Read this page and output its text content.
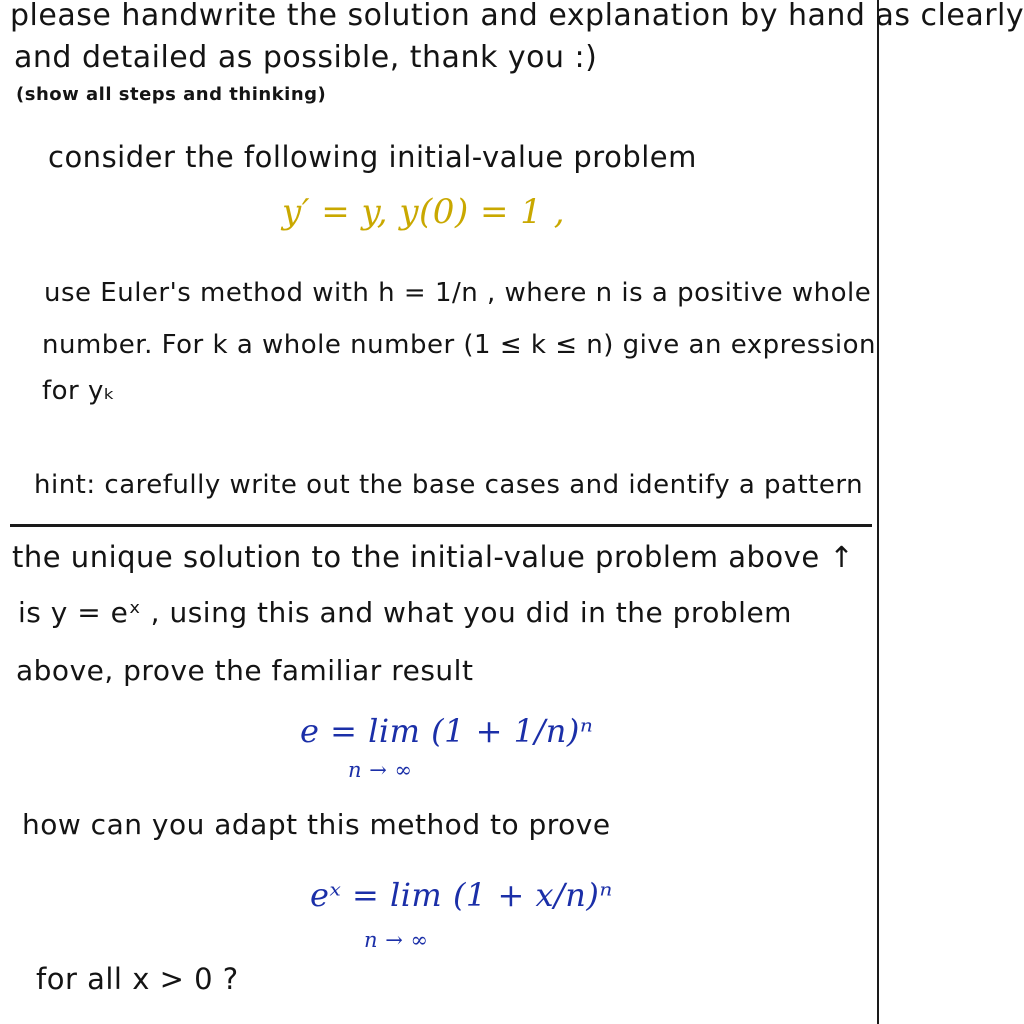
please handwrite the solution and explanation by hand as clearly
and detailed as possible, thank you :)
(show all steps and thinking)
consider the following initial-value problem
y′ = y, y(0) = 1 ,
use Euler's method with h = 1/n , where n is a positive whole
number. For k a whole number (1 ≤ k ≤ n) give an expression
for yₖ
hint: carefully write out the base cases and identify a pattern
the unique solution to the initial-value problem above ↑
is y = eˣ , using this and what you did in the problem
above, prove the familiar result
e = lim (1 + 1/n)ⁿ
n → ∞
how can you adapt this method to prove
eˣ = lim (1 + x/n)ⁿ
n → ∞
for all x > 0 ?
